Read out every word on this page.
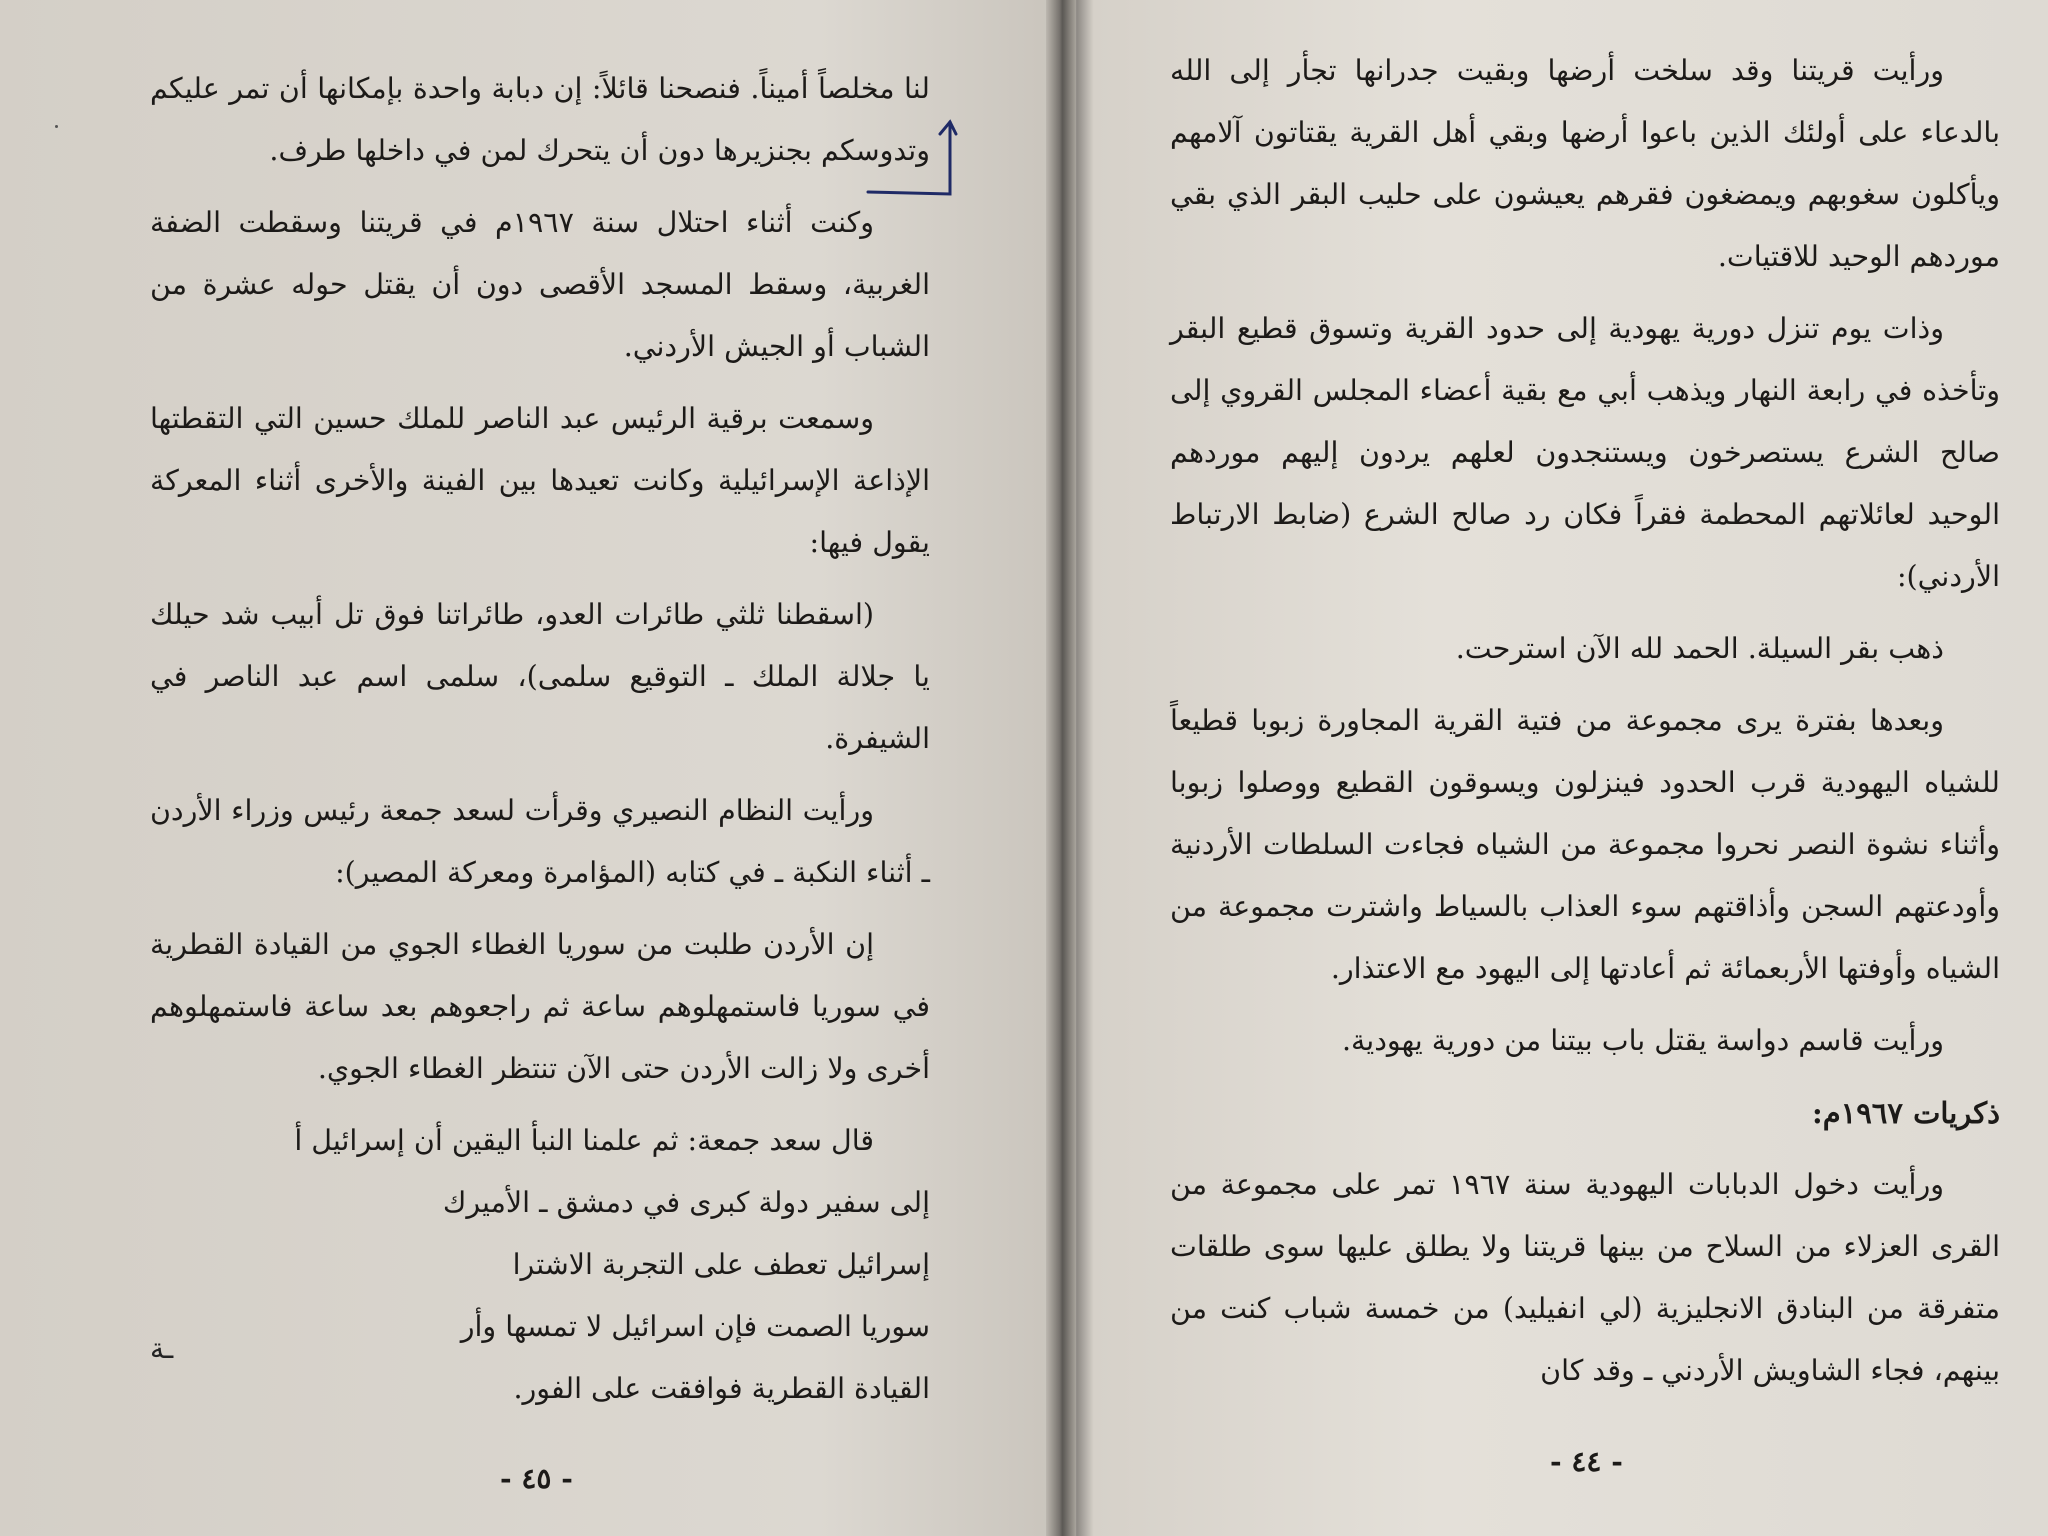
لنا مخلصاً أميناً. فنصحنا قائلاً: إن دبابة واحدة بإمكانها أن تمر عليكم وتدوسكم بجنزيرها دون أن يتحرك لمن في داخلها طرف.

وكنت أثناء احتلال سنة ١٩٦٧م في قريتنا وسقطت الضفة الغربية، وسقط المسجد الأقصى دون أن يقتل حوله عشرة من الشباب أو الجيش الأردني.

وسمعت برقية الرئيس عبد الناصر للملك حسين التي التقطتها الإذاعة الإسرائيلية وكانت تعيدها بين الفينة والأخرى أثناء المعركة يقول فيها:

(اسقطنا ثلثي طائرات العدو، طائراتنا فوق تل أبيب شد حيلك يا جلالة الملك ـ التوقيع سلمى)، سلمى اسم عبد الناصر في الشيفرة.

ورأيت النظام النصيري وقرأت لسعد جمعة رئيس وزراء الأردن ـ أثناء النكبة ـ في كتابه (المؤامرة ومعركة المصير):

إن الأردن طلبت من سوريا الغطاء الجوي من القيادة القطرية في سوريا فاستمهلوهم ساعة ثم راجعوهم بعد ساعة فاستمهلوهم أخرى ولا زالت الأردن حتى الآن تنتظر الغطاء الجوي.

قال سعد جمعة: ثم علمنا النبأ اليقين أن إسرائيل أ
إلى سفير دولة كبرى في دمشق ـ الأميرك
إسرائيل تعطف على التجربة الاشترا
سوريا الصمت فإن اسرائيل لا تمسها وأر
القيادة القطرية فوافقت على الفور.
ـة
- ٤٥ -

ورأيت قريتنا وقد سلخت أرضها وبقيت جدرانها تجأر إلى الله بالدعاء على أولئك الذين باعوا أرضها وبقي أهل القرية يقتاتون آلامهم ويأكلون سغوبهم ويمضغون فقرهم يعيشون على حليب البقر الذي بقي موردهم الوحيد للاقتيات.

وذات يوم تنزل دورية يهودية إلى حدود القرية وتسوق قطيع البقر وتأخذه في رابعة النهار ويذهب أبي مع بقية أعضاء المجلس القروي إلى صالح الشرع يستصرخون ويستنجدون لعلهم يردون إليهم موردهم الوحيد لعائلاتهم المحطمة فقراً فكان رد صالح الشرع (ضابط الارتباط الأردني):

ذهب بقر السيلة. الحمد لله الآن استرحت.

وبعدها بفترة يرى مجموعة من فتية القرية المجاورة زبوبا قطيعاً للشياه اليهودية قرب الحدود فينزلون ويسوقون القطيع ووصلوا زبوبا وأثناء نشوة النصر نحروا مجموعة من الشياه فجاءت السلطات الأردنية وأودعتهم السجن وأذاقتهم سوء العذاب بالسياط واشترت مجموعة من الشياه وأوفتها الأربعمائة ثم أعادتها إلى اليهود مع الاعتذار.

ورأيت قاسم دواسة يقتل باب بيتنا من دورية يهودية.

ذكريات ١٩٦٧م:

ورأيت دخول الدبابات اليهودية سنة ١٩٦٧ تمر على مجموعة من القرى العزلاء من السلاح من بينها قريتنا ولا يطلق عليها سوى طلقات متفرقة من البنادق الانجليزية (لي انفيليد) من خمسة شباب كنت من بينهم، فجاء الشاويش الأردني ـ وقد كان

- ٤٤ -
